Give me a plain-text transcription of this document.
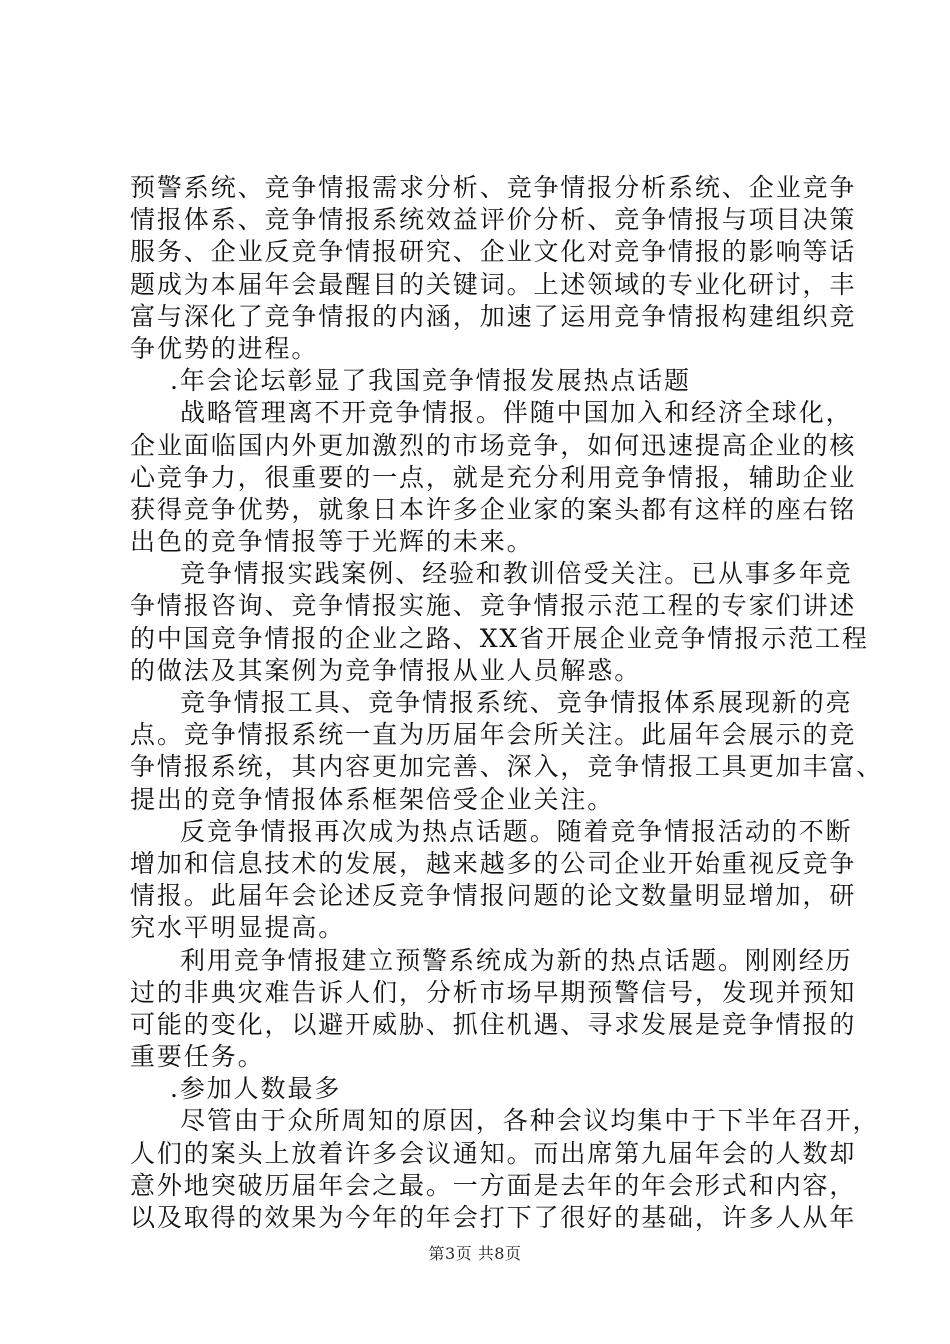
预警系统、竞争情报需求分析、竞争情报分析系统、企业竞争
情报体系、竞争情报系统效益评价分析、竞争情报与项目决策
服务、企业反竞争情报研究、企业文化对竞争情报的影响等话
题成为本届年会最醒目的关键词。上述领域的专业化研讨，丰
富与深化了竞争情报的内涵，加速了运用竞争情报构建组织竞
争优势的进程。
.年会论坛彰显了我国竞争情报发展热点话题
战略管理离不开竞争情报。伴随中国加入和经济全球化，
企业面临国内外更加激烈的市场竞争，如何迅速提高企业的核
心竞争力，很重要的一点，就是充分利用竞争情报，辅助企业
获得竞争优势，就象日本许多企业家的案头都有这样的座右铭
出色的竞争情报等于光辉的未来。
竞争情报实践案例、经验和教训倍受关注。已从事多年竞
争情报咨询、竞争情报实施、竞争情报示范工程的专家们讲述
的中国竞争情报的企业之路、XX省开展企业竞争情报示范工程
的做法及其案例为竞争情报从业人员解惑。
竞争情报工具、竞争情报系统、竞争情报体系展现新的亮
点。竞争情报系统一直为历届年会所关注。此届年会展示的竞
争情报系统，其内容更加完善、深入，竞争情报工具更加丰富、
提出的竞争情报体系框架倍受企业关注。
反竞争情报再次成为热点话题。随着竞争情报活动的不断
增加和信息技术的发展，越来越多的公司企业开始重视反竞争
情报。此届年会论述反竞争情报问题的论文数量明显增加，研
究水平明显提高。
利用竞争情报建立预警系统成为新的热点话题。刚刚经历
过的非典灾难告诉人们，分析市场早期预警信号，发现并预知
可能的变化，以避开威胁、抓住机遇、寻求发展是竞争情报的
重要任务。
.参加人数最多
尽管由于众所周知的原因，各种会议均集中于下半年召开，
人们的案头上放着许多会议通知。而出席第九届年会的人数却
意外地突破历届年会之最。一方面是去年的年会形式和内容，
以及取得的效果为今年的年会打下了很好的基础，许多人从年
第3页 共8页
